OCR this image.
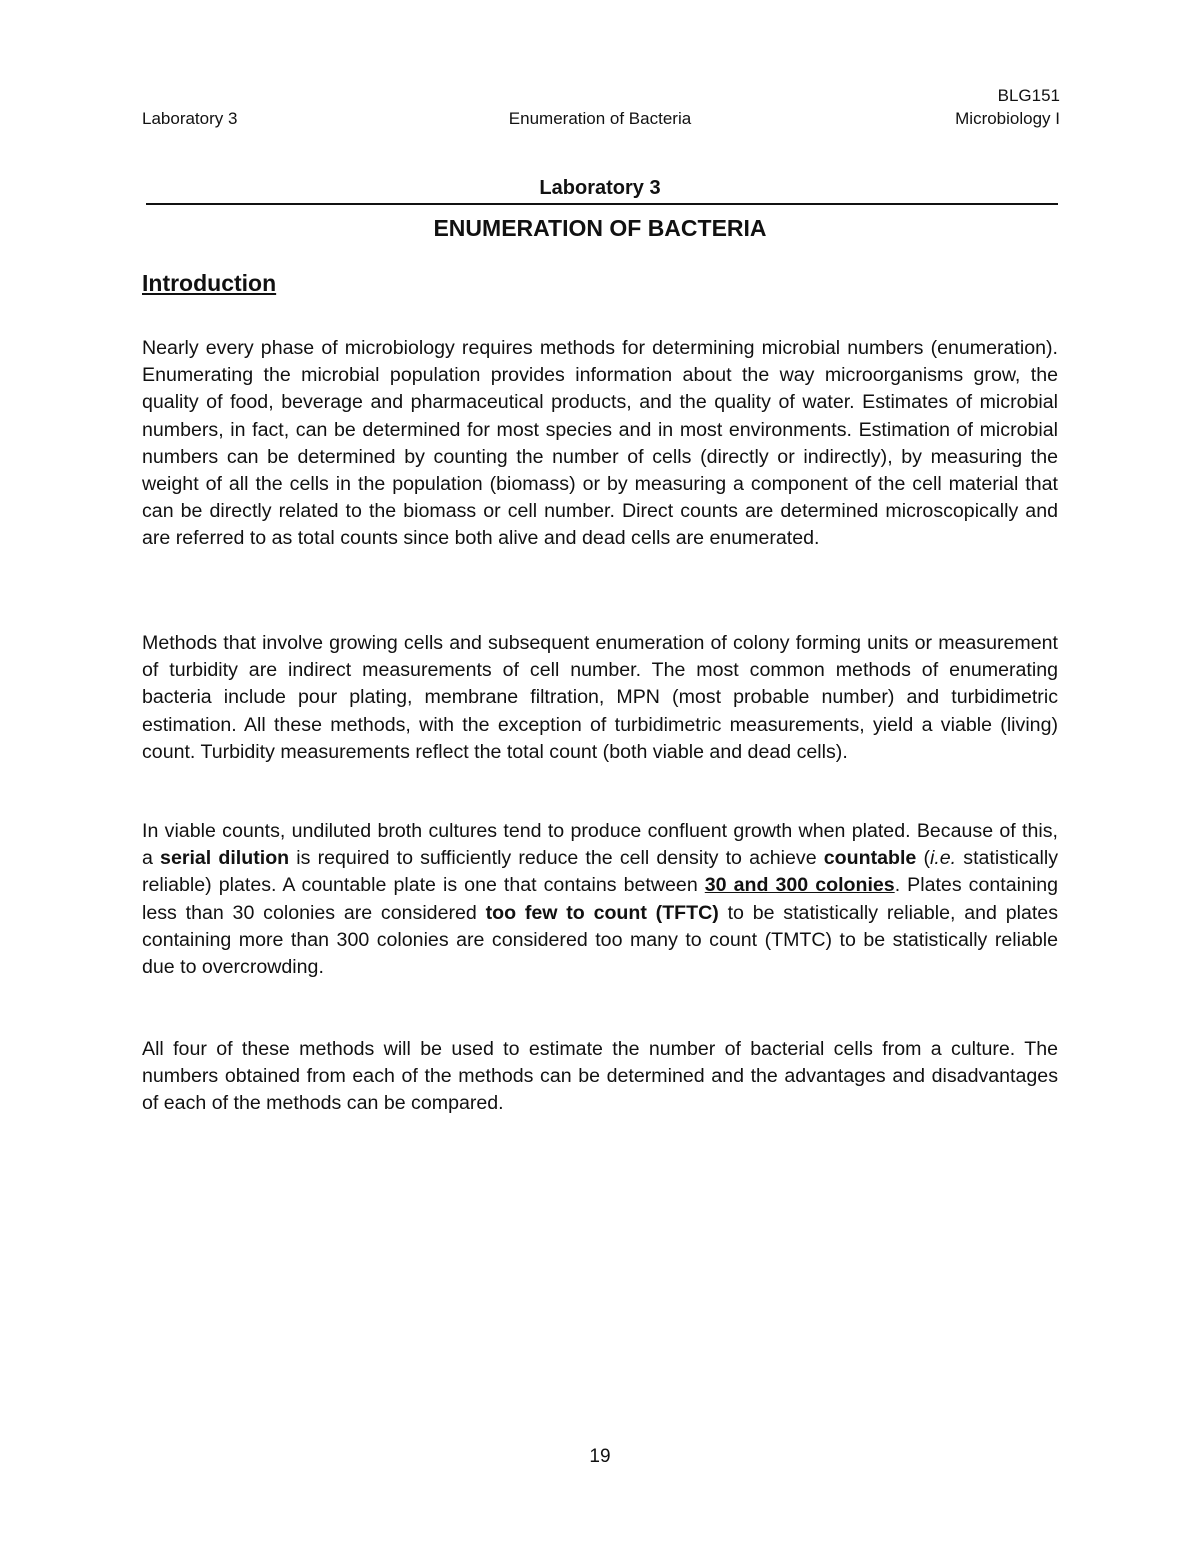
BLG151
Laboratory 3	Enumeration of Bacteria	Microbiology I
Laboratory 3
ENUMERATION OF BACTERIA
Introduction

Nearly every phase of microbiology requires methods for determining microbial numbers (enumeration). Enumerating the microbial population provides information about the way microorganisms grow, the quality of food, beverage and pharmaceutical products, and the quality of water. Estimates of microbial numbers, in fact, can be determined for most species and in most environments. Estimation of microbial numbers can be determined by counting the number of cells (directly or indirectly), by measuring the weight of all the cells in the population (biomass) or by measuring a component of the cell material that can be directly related to the biomass or cell number. Direct counts are determined microscopically and are referred to as total counts since both alive and dead cells are enumerated.

Methods that involve growing cells and subsequent enumeration of colony forming units or measurement of turbidity are indirect measurements of cell number. The most common methods of enumerating bacteria include pour plating, membrane filtration, MPN (most probable number) and turbidimetric estimation. All these methods, with the exception of turbidimetric measurements, yield a viable (living) count. Turbidity measurements reflect the total count (both viable and dead cells).

In viable counts, undiluted broth cultures tend to produce confluent growth when plated. Because of this, a serial dilution is required to sufficiently reduce the cell density to achieve countable (i.e. statistically reliable) plates. A countable plate is one that contains between 30 and 300 colonies. Plates containing less than 30 colonies are considered too few to count (TFTC) to be statistically reliable, and plates containing more than 300 colonies are considered too many to count (TMTC) to be statistically reliable due to overcrowding.

All four of these methods will be used to estimate the number of bacterial cells from a culture. The numbers obtained from each of the methods can be determined and the advantages and disadvantages of each of the methods can be compared.

19
